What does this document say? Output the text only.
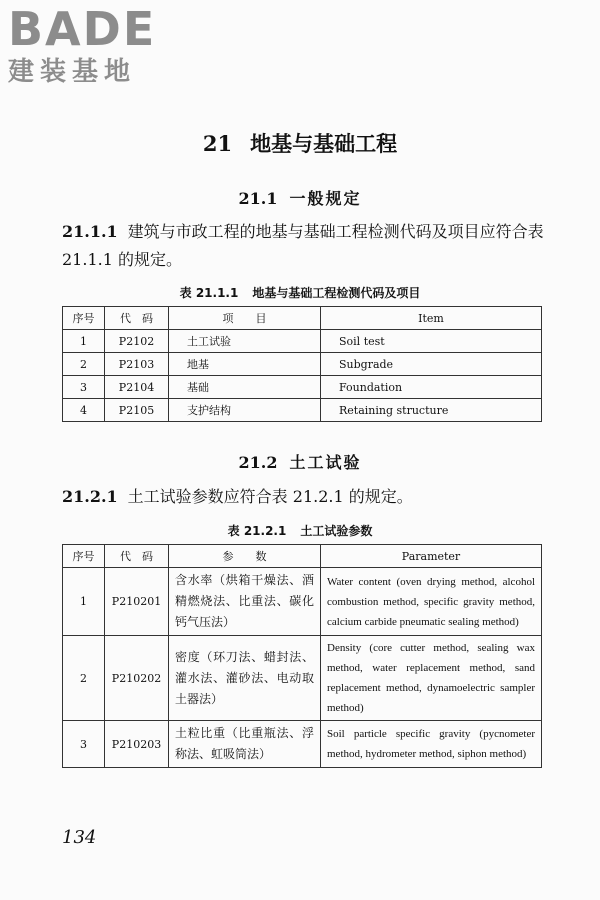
BADE
建装基地
21 地基与基础工程
21.1 一般规定
21.1.1 建筑与市政工程的地基与基础工程检测代码及项目应符合表 21.1.1 的规定。
表 21.1.1 地基与基础工程检测代码及项目
序号	代　码	项　　目	Item
1	P2102	土工试验	Soil test
2	P2103	地基	Subgrade
3	P2104	基础	Foundation
4	P2105	支护结构	Retaining structure
21.2 土工试验
21.2.1 土工试验参数应符合表 21.2.1 的规定。
表 21.2.1 土工试验参数
序号	代　码	参　　数	Parameter
1	P210201	含水率（烘箱干燥法、酒精燃烧法、比重法、碳化钙气压法）	Water content (oven drying method, alcohol combustion method, specific gravity method, calcium carbide pneumatic sealing method)
2	P210202	密度（环刀法、蜡封法、灌水法、灌砂法、电动取土器法）	Density (core cutter method, sealing wax method, water replacement method, sand replacement method, dynamoelectric sampler method)
3	P210203	土粒比重（比重瓶法、浮称法、虹吸筒法）	Soil particle specific gravity (pycnometer method, hydrometer method, siphon method)
134
